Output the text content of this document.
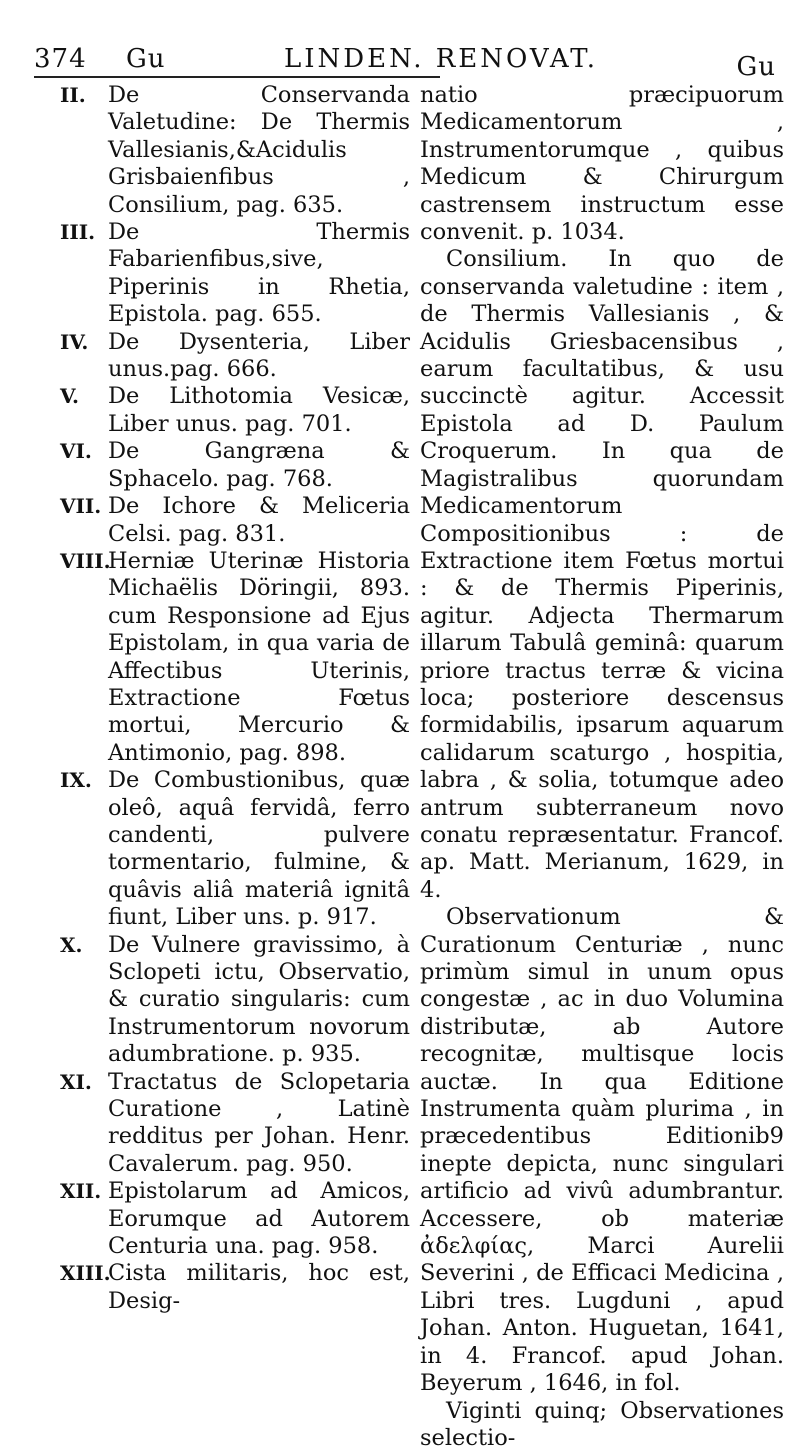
374 Gu	LINDEN. RENOVAT.	Gu

II. De Conservanda Valetudine: De Thermis Vallesianis,&Acidulis Grisbaienfibus , Consilium, pag. 635.

III. De Thermis Fabarienfibus,sive, Piperinis in Rhetia, Epistola. pag. 655.

IV. De Dysenteria, Liber unus.pag. 666.

V.	De Lithotomia Vesicæ, Liber unus. pag. 701.

VI. De Gangræna & Sphacelo. pag. 768.

VII. De Ichore & Meliceria Celsi. pag. 831.

VIII.
Herniæ Uterinæ Historia Michaëlis Döringii, 893. cum Responsione ad Ejus Epistolam, in qua varia de Affectibus Uterinis, Extractione Fœtus mortui, Mercurio & Antimonio, pag. 898.

IX. De Combustionibus, quæ oleô, aquâ fervidâ, ferro candenti, pulvere tormentario, fulmine, & quâvis aliâ materiâ ignitâ fiunt, Liber uns. p. 917.

X.	De Vulnere gravissimo, à Sclopeti ictu, Observatio, & curatio singularis: cum Instrumentorum novorum adumbratione. p. 935.

XI. Tractatus de Sclopetaria Curatione , Latinè redditus per Johan. Henr. Cavalerum. pag. 950.

XII. Epistolarum ad Amicos, Eorumque ad Autorem Centuria una. pag. 958.

XIII.
Cista militaris, hoc est, Desig-

natio præcipuorum Medicamentorum , Instrumentorumque , quibus Medicum & Chirurgum castrensem instructum esse convenit. p. 1034.

Consilium. In quo de conservanda valetudine : item , de Thermis Vallesianis , & Acidulis Griesbacensibus , earum facultatibus, & usu succinctè agitur. Accessit Epistola ad D. Paulum Croquerum. In qua de Magistralibus quorundam Medicamentorum Compositionibus : de Extractione item Fœtus mortui : & de Thermis Piperinis, agitur. Adjecta Thermarum illarum Tabulâ geminâ: quarum priore tractus terræ & vicina loca; posteriore descensus formidabilis, ipsarum aquarum calidarum scaturgo , hospitia, labra , & solia, totumque adeo antrum subterraneum novo conatu repræsentatur. Francof. ap. Matt. Merianum, 1629, in 4.

Observationum & Curationum Centuriæ , nunc primùm simul in unum opus congestæ , ac in duo Volumina distributæ, ab Autore recognitæ, multisque locis auctæ. In qua Editione Instrumenta quàm plurima , in præcedentibus Editionib9 inepte depicta, nunc singulari artificio ad vivû adumbrantur. Accessere, ob materiæ ἀδελφίας, Marci Aurelii Severini , de Efficaci Medicina , Libri tres. Lugduni , apud Johan. Anton. Huguetan, 1641, in 4. Francof. apud Johan. Beyerum , 1646, in fol.

Viginti quinq; Observationes selectio-
